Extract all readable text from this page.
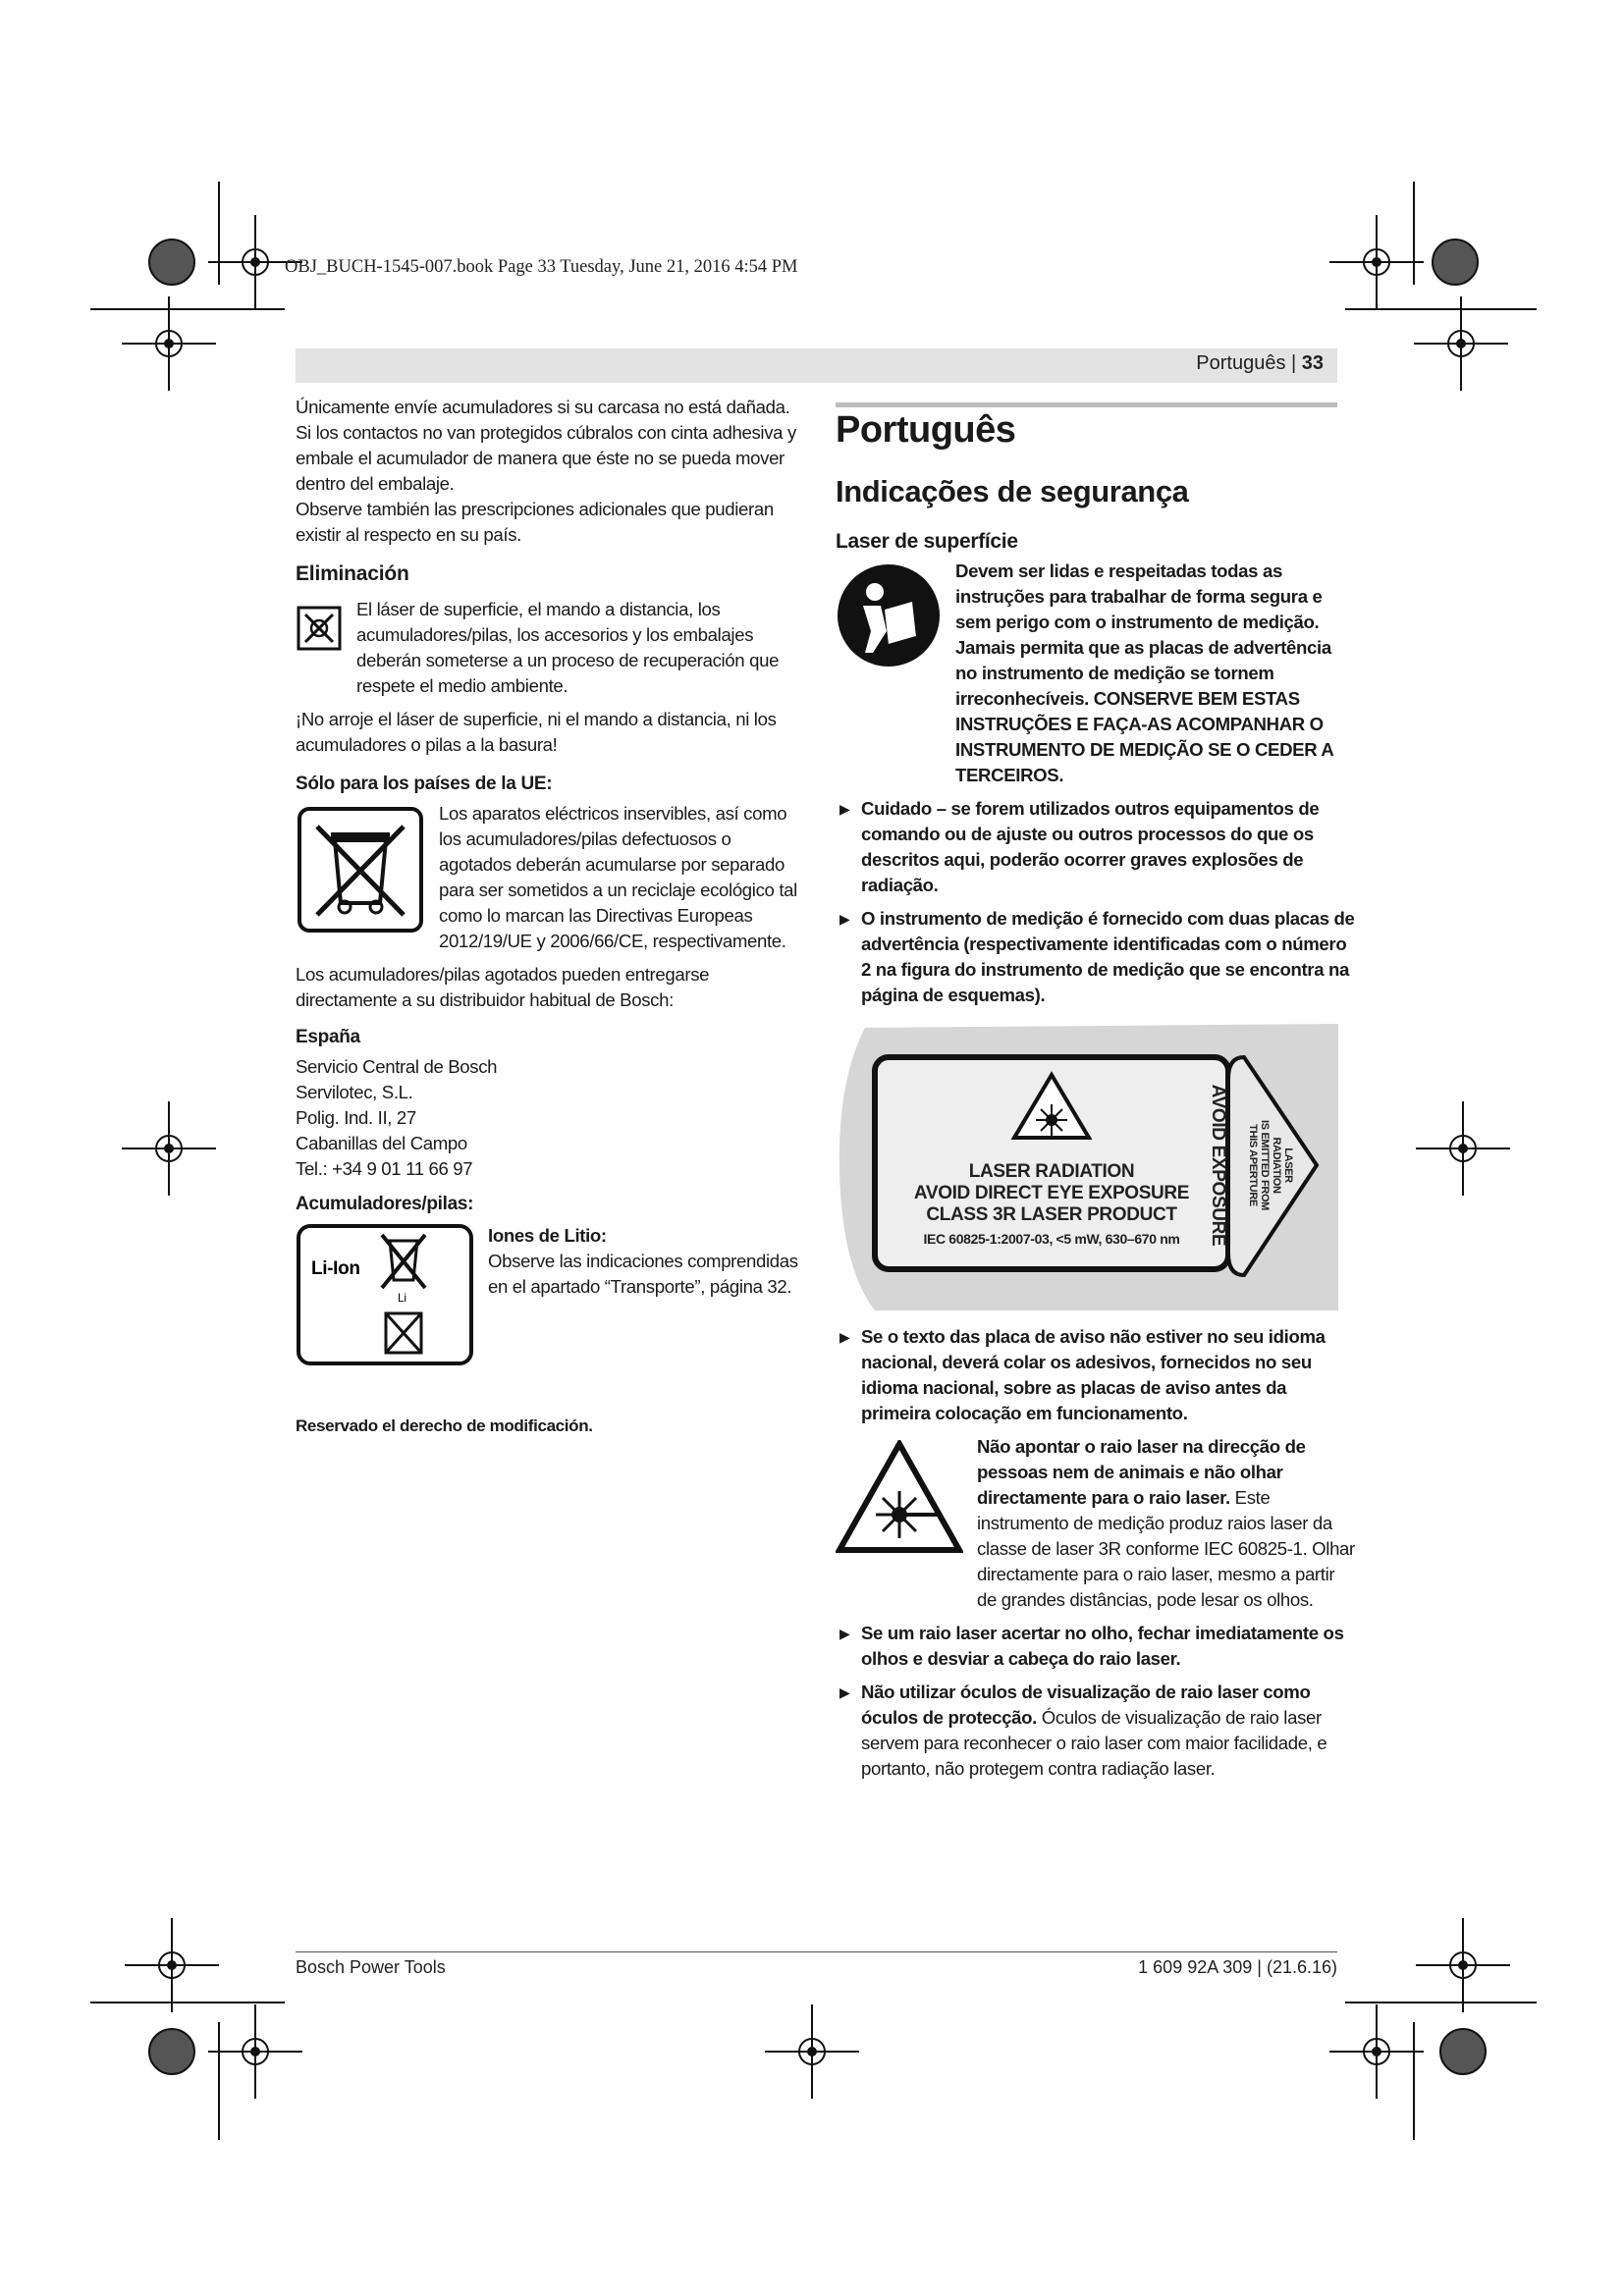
OBJ_BUCH-1545-007.book Page 33 Tuesday, June 21, 2016 4:54 PM
Português | 33

Únicamente envíe acumuladores si su carcasa no está dañada. Si los contactos no van protegidos cúbralos con cinta adhesiva y embale el acumulador de manera que éste no se pueda mover dentro del embalaje.

Observe también las prescripciones adicionales que pudieran existir al respecto en su país.

Eliminación

El láser de superficie, el mando a distancia, los acumuladores/pilas, los accesorios y los embalajes deberán someterse a un proceso de recuperación que respete el medio ambiente.

¡No arroje el láser de superficie, ni el mando a distancia, ni los acumuladores o pilas a la basura!

Sólo para los países de la UE:

Los aparatos eléctricos inservibles, así como los acumuladores/pilas defectuosos o agotados deberán acumularse por separado para ser sometidos a un reciclaje ecológico tal como lo marcan las Directivas Europeas 2012/19/UE y 2006/66/CE, respectivamente.

Los acumuladores/pilas agotados pueden entregarse directamente a su distribuidor habitual de Bosch:

España

Servicio Central de Bosch

Servilotec, S.L.

Polig. Ind. II, 27

Cabanillas del Campo

Tel.: +34 9 01 11 66 97

Acumuladores/pilas:
Li-Ion
Li

Iones de Litio:

Observe las indicaciones comprendidas en el apartado “Transporte”, página 32.

Reservado el derecho de modificación.

Português
Indicações de segurança
Laser de superfície

Devem ser lidas e respeitadas todas as instruções para trabalhar de forma segura e sem perigo com o instrumento de medição. Jamais permita que as placas de advertência no instrumento de medição se tornem irreconhecíveis. CONSERVE BEM ESTAS INSTRUÇÕES E FAÇA-AS ACOMPANHAR O INSTRUMENTO DE MEDIÇÃO SE O CEDER A TERCEIROS.

▶ Cuidado – se forem utilizados outros equipamentos de comando ou de ajuste ou outros processos do que os descritos aqui, poderão ocorrer graves explosões de radiação.
▶ O instrumento de medição é fornecido com duas placas de advertência (respectivamente identificadas com o número 2 na figura do instrumento de medição que se encontra na página de esquemas).
LASER RADIATION
AVOID DIRECT EYE EXPOSURE
CLASS 3R LASER PRODUCT
IEC 60825-1:2007-03, <5 mW, 630–670 nm AVOID EXPOSURE	LASER
RADIATION
IS EMITTED FROM
THIS APERTURE
▶ Se o texto das placa de aviso não estiver no seu idioma nacional, deverá colar os adesivos, fornecidos no seu idioma nacional, sobre as placas de aviso antes da primeira colocação em funcionamento.

Não apontar o raio laser na direcção de pessoas nem de animais e não olhar directamente para o raio laser. Este instrumento de medição produz raios laser da classe de laser 3R conforme IEC 60825-1. Olhar directamente para o raio laser, mesmo a partir de grandes distâncias, pode lesar os olhos.

▶ Se um raio laser acertar no olho, fechar imediatamente os olhos e desviar a cabeça do raio laser.
▶ Não utilizar óculos de visualização de raio laser como óculos de protecção. Óculos de visualização de raio laser servem para reconhecer o raio laser com maior facilidade, e portanto, não protegem contra radiação laser.
Bosch Power Tools	1 609 92A 309 | (21.6.16)
